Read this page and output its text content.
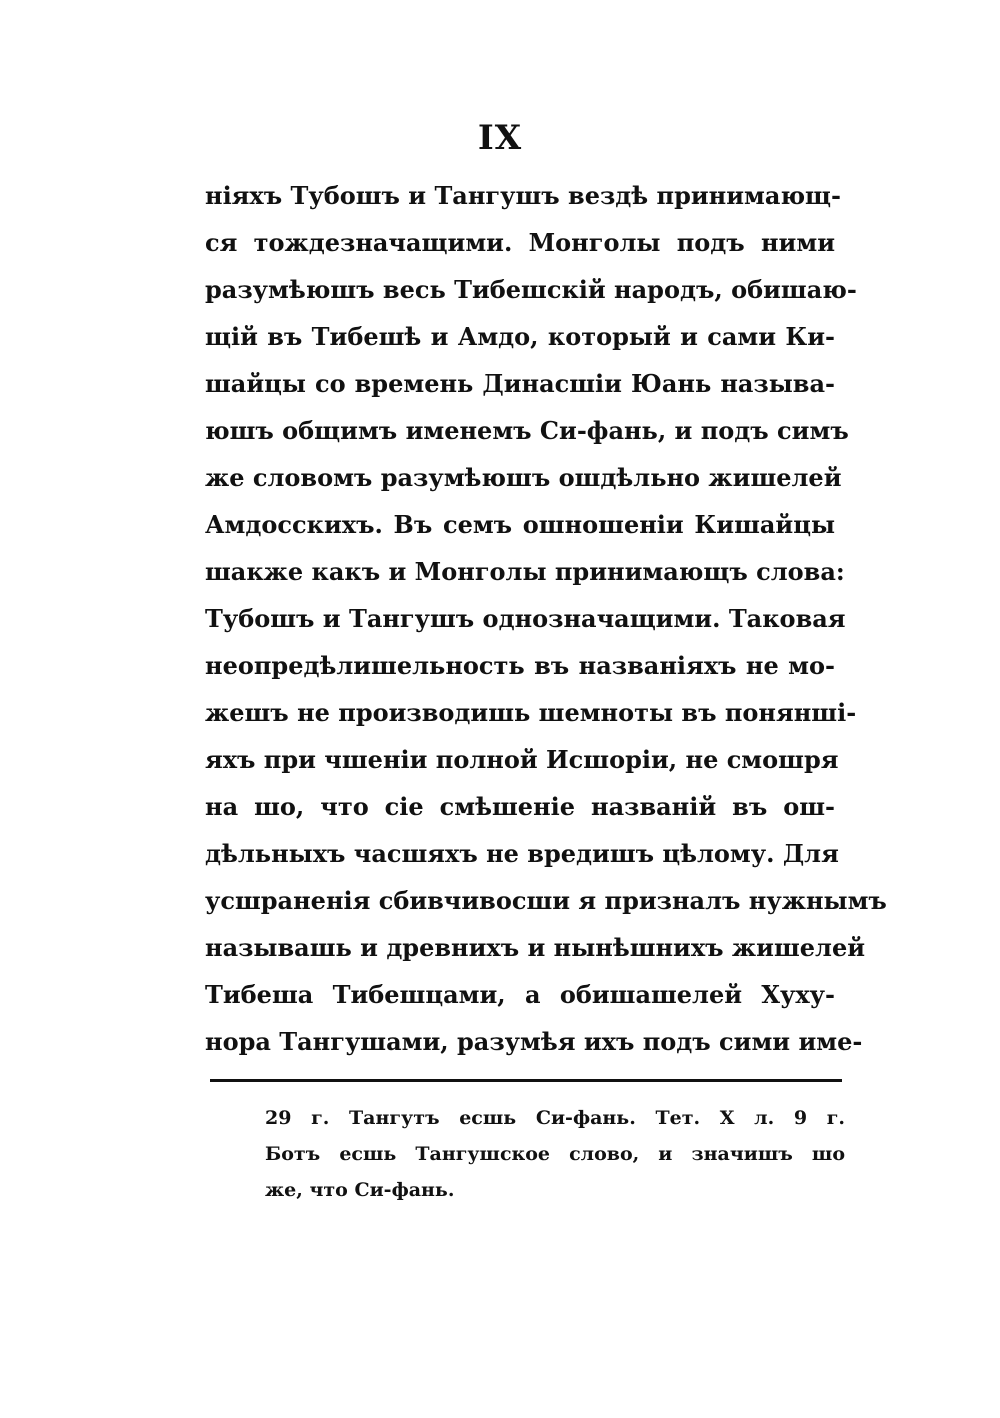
IX
ніяхъ Тубошъ и Тангушъ вездѣ принимающ-
ся тождезначащими. Монголы подъ ними
разумѣюшъ весь Тибешскій народъ, обишаю-
щій въ Тибешѣ и Амдо, который и сами Ки-
шайцы со времень Динасшіи Юань называ-
юшъ общимъ именемъ Си-фань, и подъ симъ
же словомъ разумѣюшъ ошдѣльно жишелей
Амдосскихъ. Въ семъ ошношеніи Кишайцы
шакже какъ и Монголы принимающъ слова:
Тубошъ и Тангушъ однозначащими. Таковая
неопредѣлишельность въ названіяхъ не мо-
жешъ не производишь шемноты въ понянші-
яхъ при чшеніи полной Исшоріи, не смошря
на шо, что сіе смѣшеніе названій въ ош-
дѣльныхъ часшяхъ не вредишъ цѣлому. Для
усшраненія сбивчивосши я призналъ нужнымъ
называшь и древнихъ и нынѣшнихъ жишелей
Тибеша Тибешцами, а обишашелей Хуху-
нора Тангушами, разумѣя ихъ подъ сими име-
29 г. Тангутъ есшь Си-фань. Тет. X л. 9 г.
Ботъ есшь Тангушское слово, и значишъ шо
же, что Си-фань.
